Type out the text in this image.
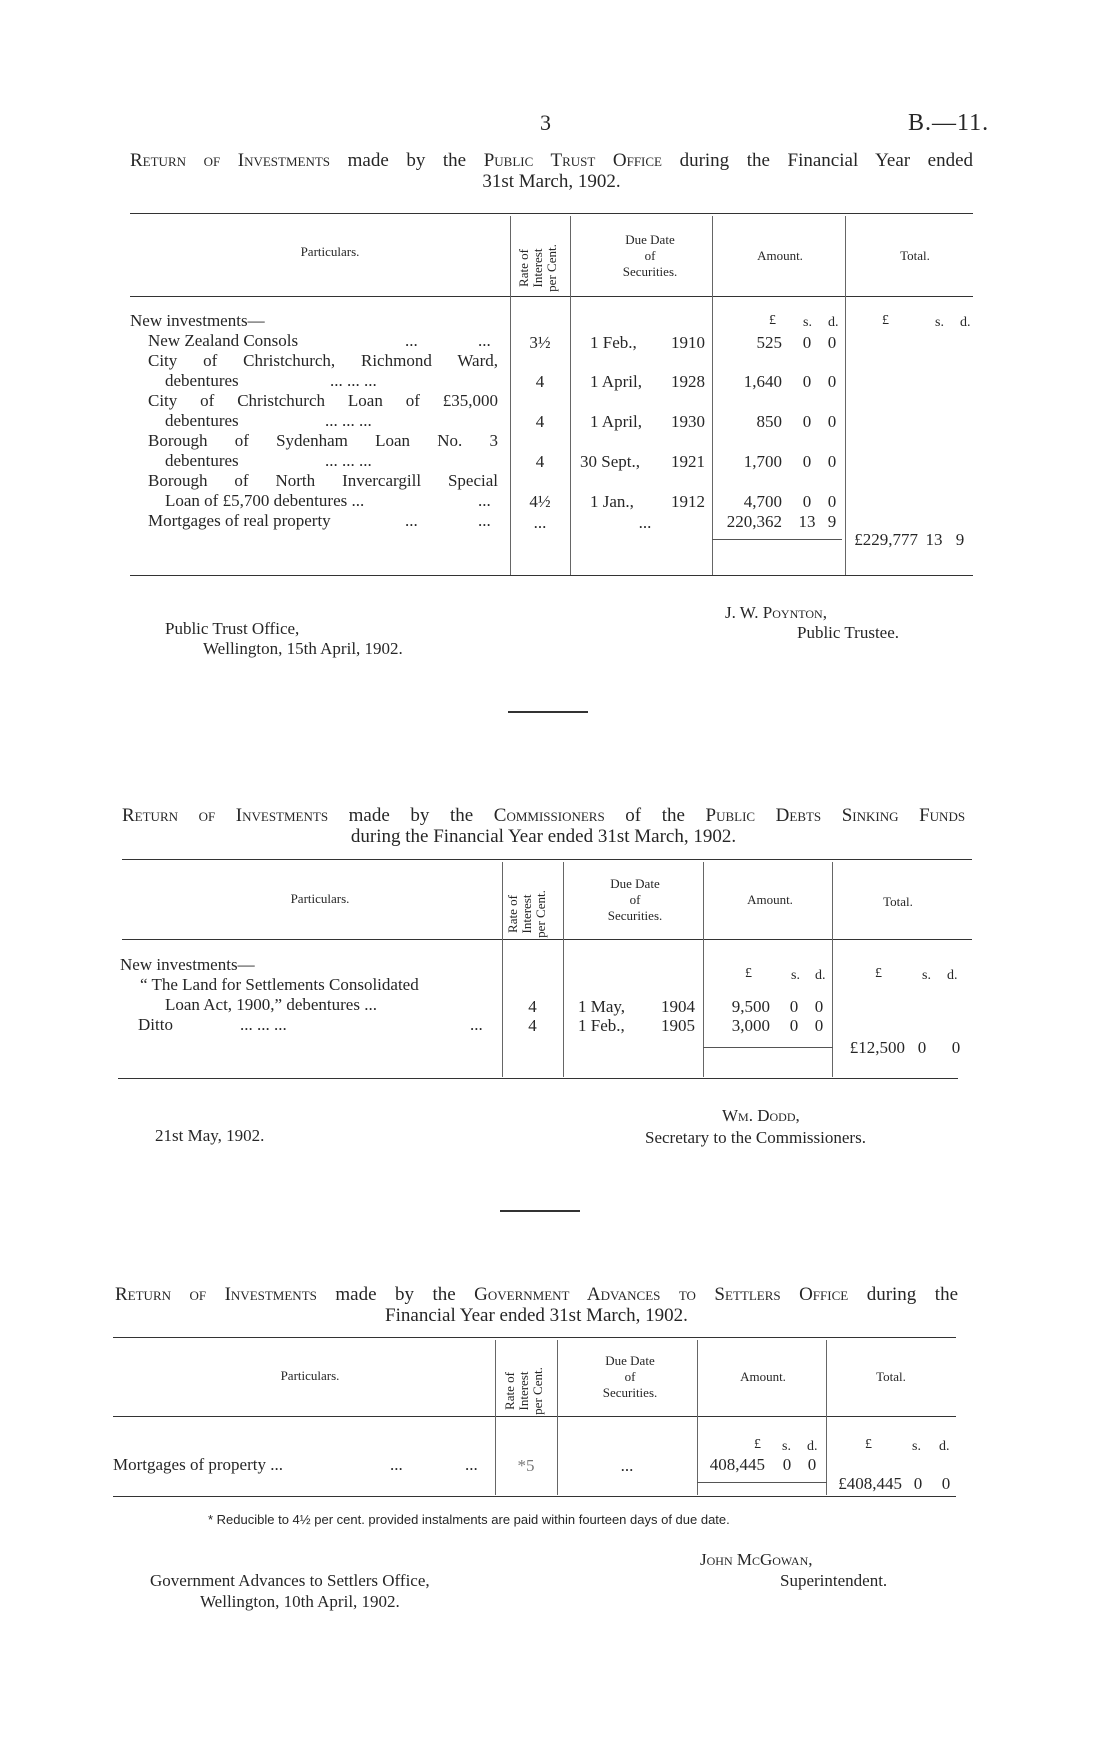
3	B.—11.
Return of Investments made by the Public Trust Office during the Financial Year ended
31st March, 1902.
Particulars.	Rate of Interest per Cent.
Due Date
of
Securities.
Amount.	Total.
New investments—	£ s. d.	£	s. d.
New Zealand Consols	...	...	3½	1 Feb.,	1910	525	0 0
City of Christchurch, Richmond Ward,
debentures	... ... ...	4	1 April,	1928	1,640	0 0
City of Christchurch Loan of £35,000
debentures	... ... ...	4	1 April,	1930	850	0 0
Borough of Sydenham Loan No. 3
debentures	... ... ...	4	30 Sept.,	1921	1,700	0 0
Borough of North Invercargill Special
Loan of £5,700 debentures ...	...	4½	1 Jan.,	1912	4,700	0 0
Mortgages of real property	...	...	...	...	220,362 13 9
£229,777 13 9
Public Trust Office,
Wellington, 15th April, 1902.
J. W. Poynton,
Public Trustee.
Return of Investments made by the Commissioners of the Public Debts Sinking Funds
during the Financial Year ended 31st March, 1902.
Particulars.	Rate of Interest per Cent.
Due Date
of
Securities.
Amount.	Total.
New investments—	£	s. d.	£	s. d.
“ The Land for Settlements Consolidated
Loan Act, 1900,” debentures ...	4	1 May,	1904	9,500	0 0
Ditto	... ... ...	...	4	1 Feb.,	1905	3,000	0 0
£12,500 0	0
21st May, 1902.
Wm. Dodd,
Secretary to the Commissioners.
Return of Investments made by the Government Advances to Settlers Office during the
Financial Year ended 31st March, 1902.
Particulars.	Rate of Interest per Cent.
Due Date
of
Securities.
Amount.	Total.
£ s. d.	£	s. d.
Mortgages of property ...	...	...	*5	...	408,445	0 0
£408,445 0	0
* Reducible to 4½ per cent. provided instalments are paid within fourteen days of due date.
Government Advances to Settlers Office,
Wellington, 10th April, 1902.
John McGowan,
Superintendent.
